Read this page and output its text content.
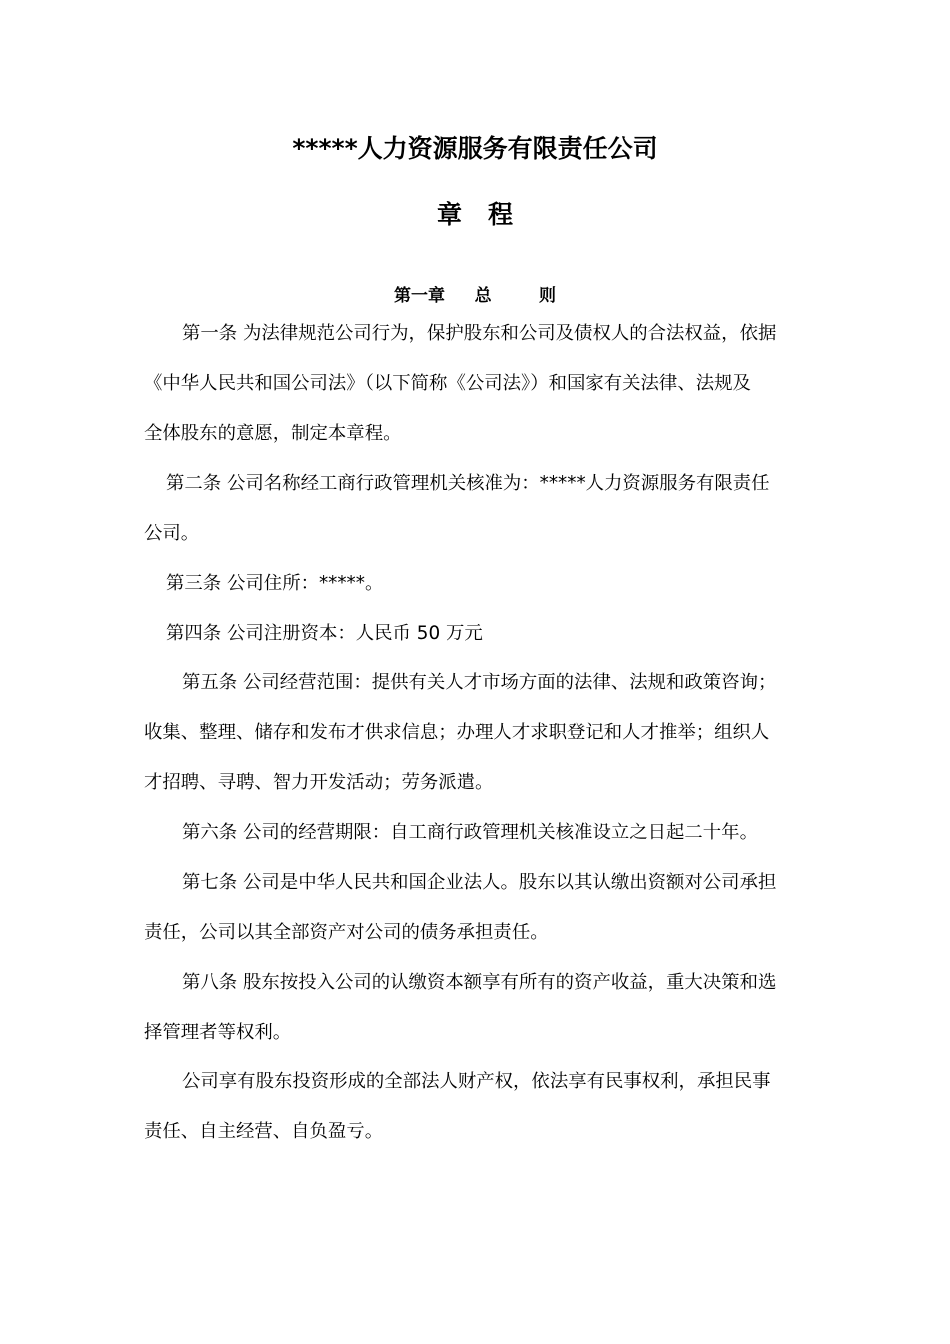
*****人力资源服务有限责任公司
章程
第一章     总        则
第一条 为法律规范公司行为，保护股东和公司及债权人的合法权益，依据
《中华人民共和国公司法》（以下简称《公司法》）和国家有关法律、法规及
全体股东的意愿，制定本章程。
第二条 公司名称经工商行政管理机关核准为：*****人力资源服务有限责任
公司。
第三条 公司住所：*****。
第四条 公司注册资本：人民币 50 万元
第五条 公司经营范围：提供有关人才市场方面的法律、法规和政策咨询；
收集、整理、储存和发布才供求信息；办理人才求职登记和人才推举；组织人
才招聘、寻聘、智力开发活动；劳务派遣。
第六条 公司的经营期限：自工商行政管理机关核准设立之日起二十年。
第七条 公司是中华人民共和国企业法人。股东以其认缴出资额对公司承担
责任，公司以其全部资产对公司的债务承担责任。
第八条 股东按投入公司的认缴资本额享有所有的资产收益，重大决策和选
择管理者等权利。
公司享有股东投资形成的全部法人财产权，依法享有民事权利，承担民事
责任、自主经营、自负盈亏。
